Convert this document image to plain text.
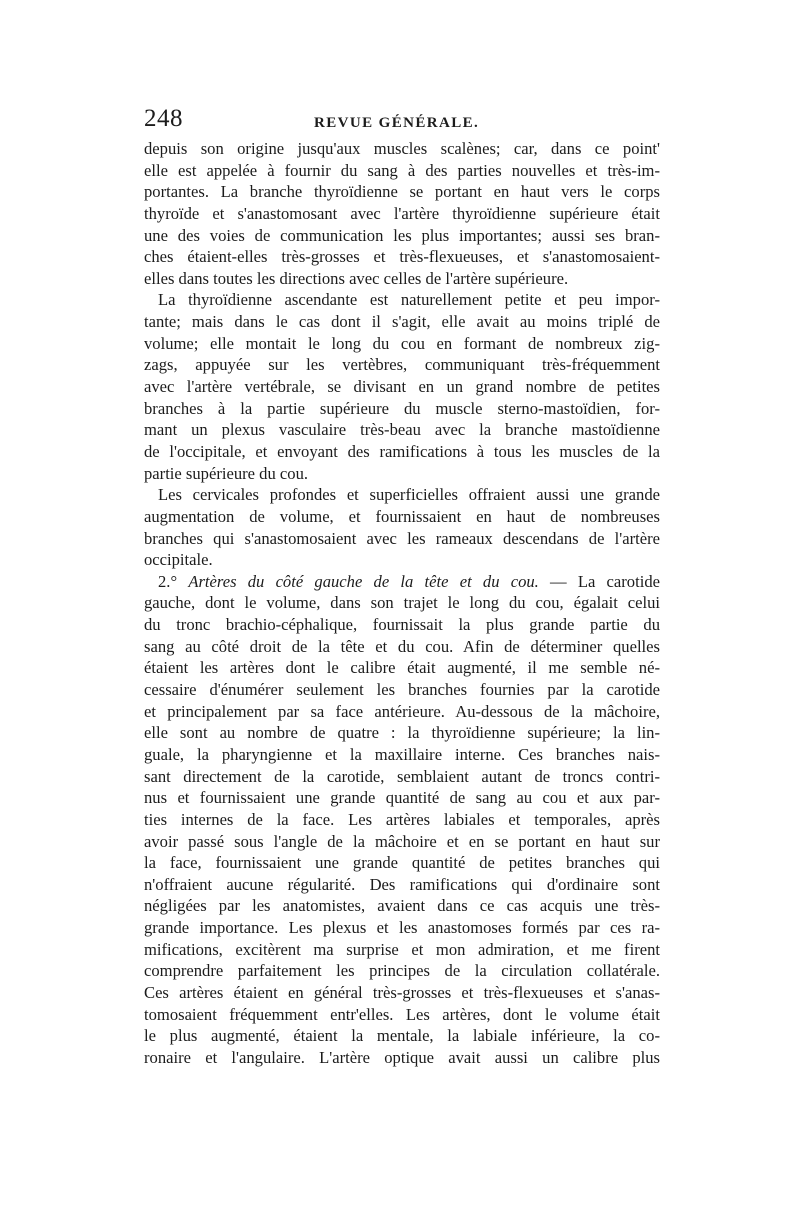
248	REVUE GÉNÉRALE.
depuis son origine jusqu'aux muscles scalènes; car, dans ce point'
elle est appelée à fournir du sang à des parties nouvelles et très-im-
portantes. La branche thyroïdienne se portant en haut vers le corps
thyroïde et s'anastomosant avec l'artère thyroïdienne supérieure était
une des voies de communication les plus importantes; aussi ses bran-
ches étaient-elles très-grosses et très-flexueuses, et s'anastomosaient-
elles dans toutes les directions avec celles de l'artère supérieure.
La thyroïdienne ascendante est naturellement petite et peu impor-
tante; mais dans le cas dont il s'agit, elle avait au moins triplé de
volume; elle montait le long du cou en formant de nombreux zig-
zags, appuyée sur les vertèbres, communiquant très-fréquemment
avec l'artère vertébrale, se divisant en un grand nombre de petites
branches à la partie supérieure du muscle sterno-mastoïdien, for-
mant un plexus vasculaire très-beau avec la branche mastoïdienne
de l'occipitale, et envoyant des ramifications à tous les muscles de la
partie supérieure du cou.
Les cervicales profondes et superficielles offraient aussi une grande
augmentation de volume, et fournissaient en haut de nombreuses
branches qui s'anastomosaient avec les rameaux descendans de l'artère
occipitale.
2.° Artères du côté gauche de la tête et du cou. — La carotide
gauche, dont le volume, dans son trajet le long du cou, égalait celui
du tronc brachio-céphalique, fournissait la plus grande partie du
sang au côté droit de la tête et du cou. Afin de déterminer quelles
étaient les artères dont le calibre était augmenté, il me semble né-
cessaire d'énumérer seulement les branches fournies par la carotide
et principalement par sa face antérieure. Au-dessous de la mâchoire,
elle sont au nombre de quatre : la thyroïdienne supérieure; la lin-
guale, la pharyngienne et la maxillaire interne. Ces branches nais-
sant directement de la carotide, semblaient autant de troncs contri-
nus et fournissaient une grande quantité de sang au cou et aux par-
ties internes de la face. Les artères labiales et temporales, après
avoir passé sous l'angle de la mâchoire et en se portant en haut sur
la face, fournissaient une grande quantité de petites branches qui
n'offraient aucune régularité. Des ramifications qui d'ordinaire sont
négligées par les anatomistes, avaient dans ce cas acquis une très-
grande importance. Les plexus et les anastomoses formés par ces ra-
mifications, excitèrent ma surprise et mon admiration, et me firent
comprendre parfaitement les principes de la circulation collatérale.
Ces artères étaient en général très-grosses et très-flexueuses et s'anas-
tomosaient fréquemment entr'elles. Les artères, dont le volume était
le plus augmenté, étaient la mentale, la labiale inférieure, la co-
ronaire et l'angulaire. L'artère optique avait aussi un calibre plus
